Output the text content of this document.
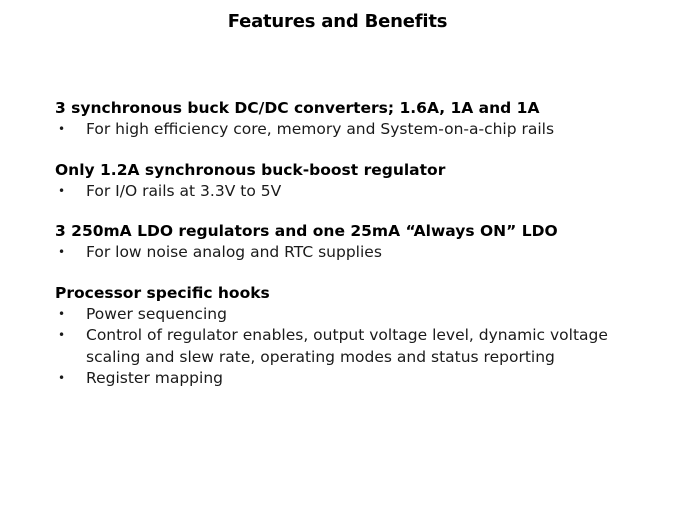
Features and Benefits
3 synchronous buck DC/DC converters; 1.6A, 1A and 1A
• For high efficiency core, memory and System-on-a-chip rails
Only 1.2A synchronous buck-boost regulator
• For I/O rails at 3.3V to 5V
3 250mA LDO regulators and one 25mA “Always ON” LDO
• For low noise analog and RTC supplies
Processor specific hooks
• Power sequencing
• Control of regulator enables, output voltage level, dynamic voltage scaling and slew rate, operating modes and status reporting
• Register mapping
